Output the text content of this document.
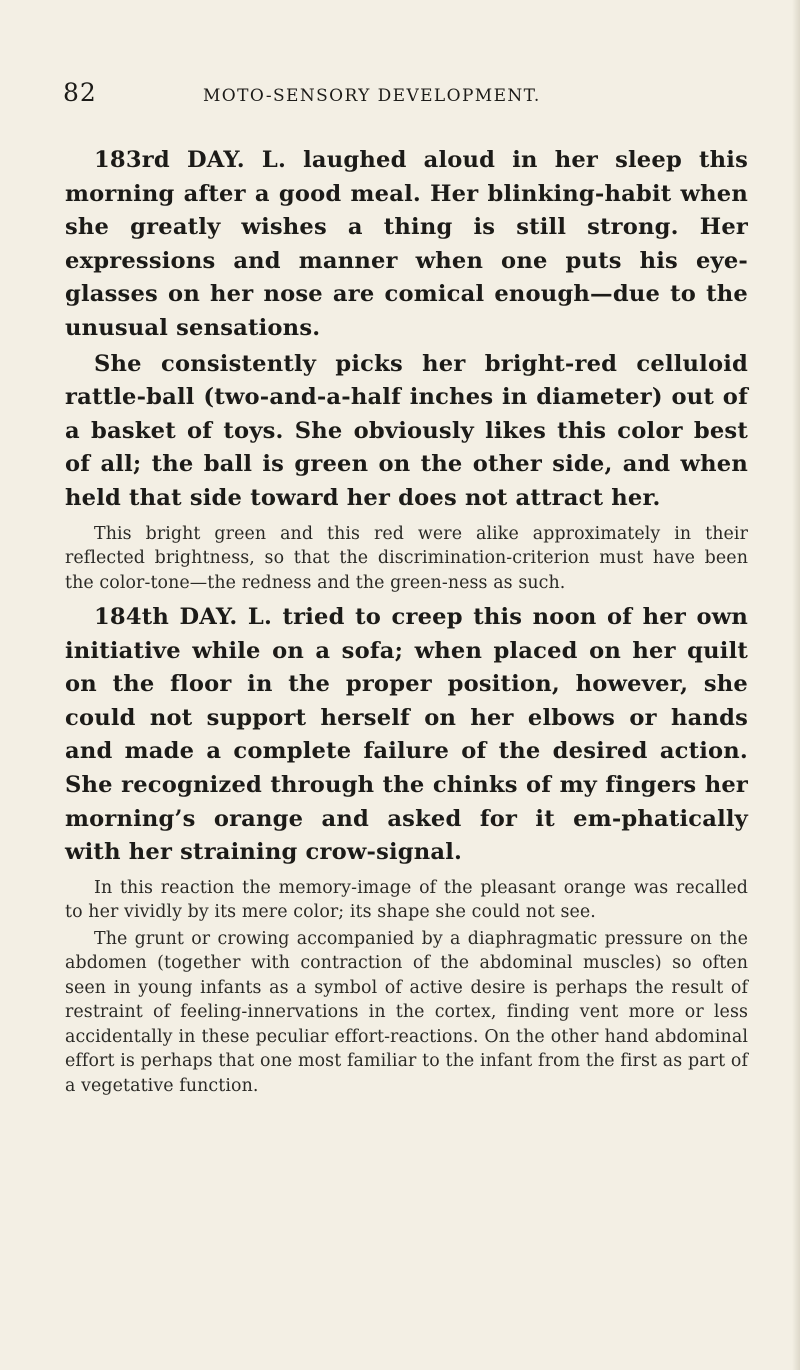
82	MOTO-SENSORY DEVELOPMENT.

183rd DAY. L. laughed aloud in her sleep this morning after a good meal. Her blinking-habit when she greatly wishes a thing is still strong. Her expressions and manner when one puts his eye-glasses on her nose are comical enough—due to the unusual sensations.

She consistently picks her bright-red celluloid rattle-ball (two-and-a-half inches in diameter) out of a basket of toys. She obviously likes this color best of all; the ball is green on the other side, and when held that side toward her does not attract her.

This bright green and this red were alike approximately in their reflected brightness, so that the discrimination-criterion must have been the color-tone—the redness and the green-ness as such.

184th DAY. L. tried to creep this noon of her own initiative while on a sofa; when placed on her quilt on the floor in the proper position, however, she could not support herself on her elbows or hands and made a complete failure of the desired action. She recognized through the chinks of my fingers her morning’s orange and asked for it em-phatically with her straining crow-signal.

In this reaction the memory-image of the pleasant orange was recalled to her vividly by its mere color; its shape she could not see.

The grunt or crowing accompanied by a diaphragmatic pressure on the abdomen (together with contraction of the abdominal muscles) so often seen in young infants as a symbol of active desire is perhaps the result of restraint of feeling-innervations in the cortex, finding vent more or less accidentally in these peculiar effort-reactions. On the other hand abdominal effort is perhaps that one most familiar to the infant from the first as part of a vegetative function.
